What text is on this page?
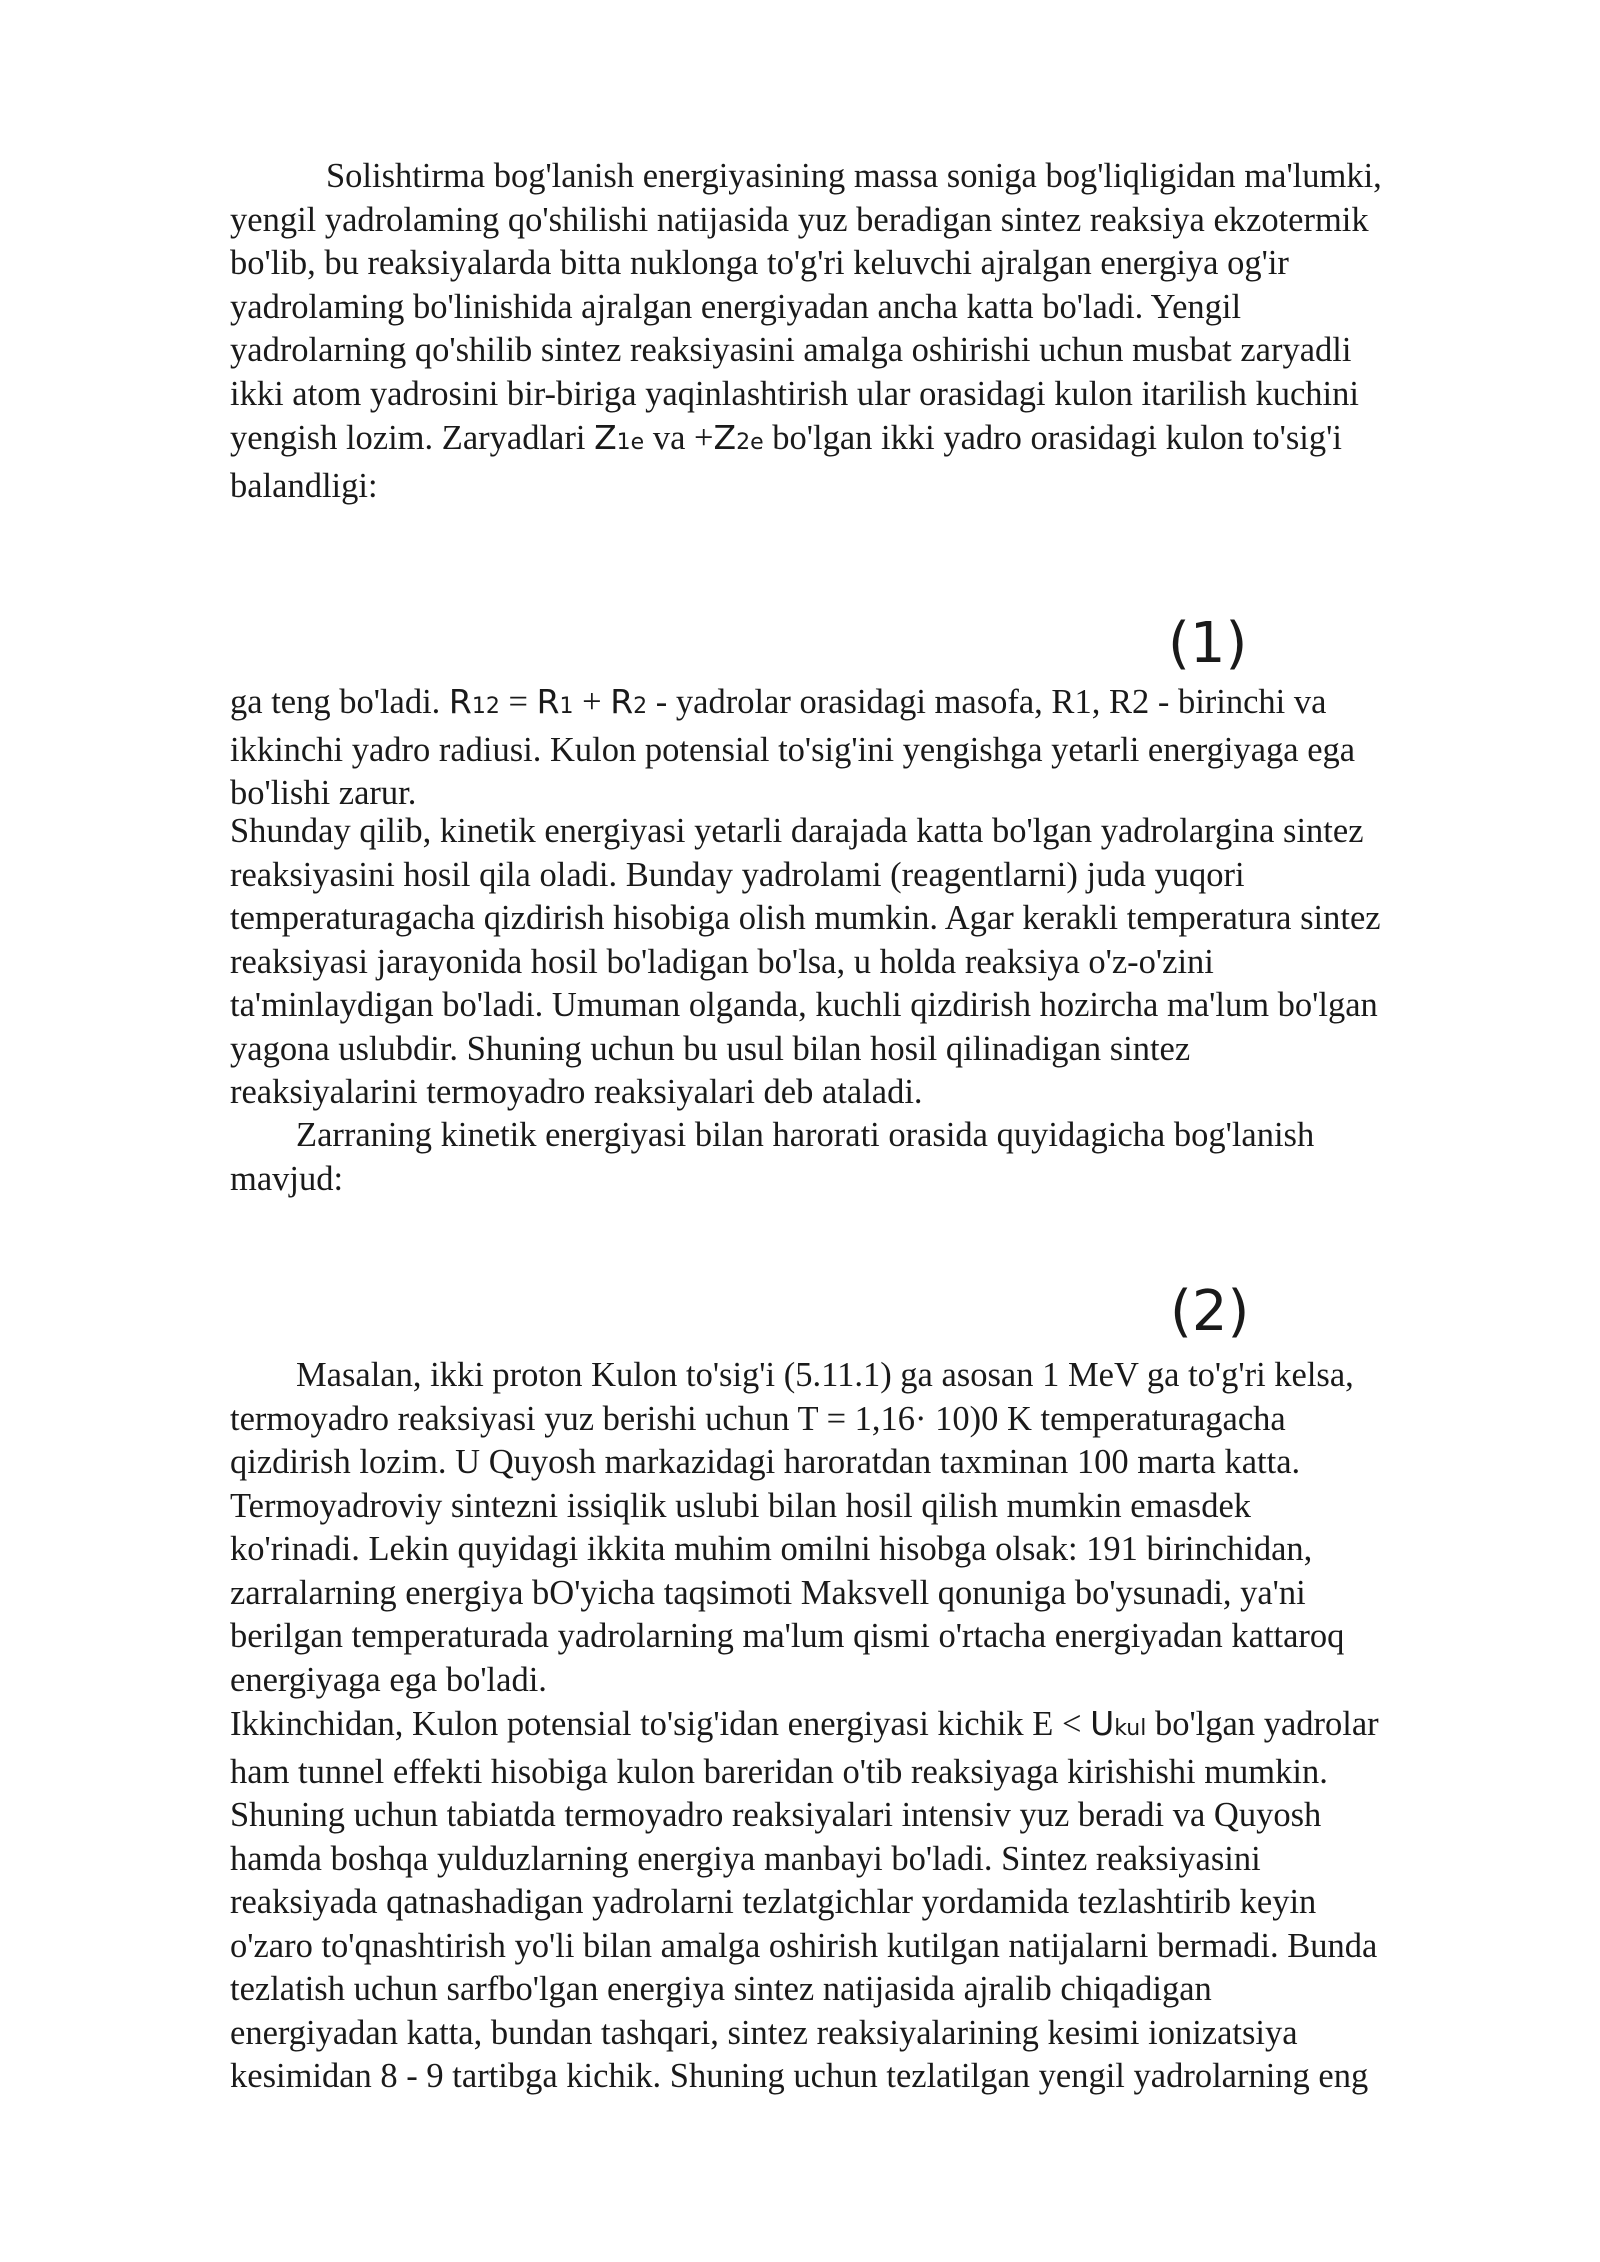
Solishtirma bog'lanish energiyasining massa soniga bog'liqligidan ma'lumki,
yengil yadrolaming qo'shilishi natijasida yuz beradigan sintez reaksiya ekzotermik
bo'lib, bu reaksiyalarda bitta nuklonga to'g'ri keluvchi ajralgan energiya og'ir
yadrolaming bo'linishida ajralgan energiyadan ancha katta bo'ladi. Yengil
yadrolarning qo'shilib sintez reaksiyasini amalga oshirishi uchun musbat zaryadli
ikki atom yadrosini bir-biriga yaqinlashtirish ular orasidagi kulon itarilish kuchini
yengish lozim. Zaryadlari Z1e va +Z2e bo'lgan ikki yadro orasidagi kulon to'sig'i
balandligi:
(1)
ga teng bo'ladi. R12 = R1 + R2 - yadrolar orasidagi masofa, R1, R2 - birinchi va
ikkinchi yadro radiusi. Kulon potensial to'sig'ini yengishga yetarli energiyaga ega
bo'lishi zarur.
Shunday qilib, kinetik energiyasi yetarli darajada katta bo'lgan yadrolargina sintez
reaksiyasini hosil qila oladi. Bunday yadrolami (reagentlarni) juda yuqori
temperaturagacha qizdirish hisobiga olish mumkin. Agar kerakli temperatura sintez
reaksiyasi jarayonida hosil bo'ladigan bo'lsa, u holda reaksiya o'z-o'zini
ta'minlaydigan bo'ladi. Umuman olganda, kuchli qizdirish hozircha ma'lum bo'lgan
yagona uslubdir. Shuning uchun bu usul bilan hosil qilinadigan sintez
reaksiyalarini termoyadro reaksiyalari deb ataladi.
Zarraning kinetik energiyasi bilan harorati orasida quyidagicha bog'lanish
mavjud:
(2)
Masalan, ikki proton Kulon to'sig'i (5.11.1) ga asosan 1 MeV ga to'g'ri kelsa,
termoyadro reaksiyasi yuz berishi uchun T = 1,16· 10)0 K temperaturagacha
qizdirish lozim. U Quyosh markazidagi haroratdan taxminan 100 marta katta.
Termoyadroviy sintezni issiqlik uslubi bilan hosil qilish mumkin emasdek
ko'rinadi. Lekin quyidagi ikkita muhim omilni hisobga olsak: 191 birinchidan,
zarralarning energiya bO'yicha taqsimoti Maksvell qonuniga bo'ysunadi, ya'ni
berilgan temperaturada yadrolarning ma'lum qismi o'rtacha energiyadan kattaroq
energiyaga ega bo'ladi.
Ikkinchidan, Kulon potensial to'sig'idan energiyasi kichik E < Ukul bo'lgan yadrolar
ham tunnel effekti hisobiga kulon bareridan o'tib reaksiyaga kirishishi mumkin.
Shuning uchun tabiatda termoyadro reaksiyalari intensiv yuz beradi va Quyosh
hamda boshqa yulduzlarning energiya manbayi bo'ladi. Sintez reaksiyasini
reaksiyada qatnashadigan yadrolarni tezlatgichlar yordamida tezlashtirib keyin
o'zaro to'qnashtirish yo'li bilan amalga oshirish kutilgan natijalarni bermadi. Bunda
tezlatish uchun sarfbo'lgan energiya sintez natijasida ajralib chiqadigan
energiyadan katta, bundan tashqari, sintez reaksiyalarining kesimi ionizatsiya
kesimidan 8 - 9 tartibga kichik. Shuning uchun tezlatilgan yengil yadrolarning eng
